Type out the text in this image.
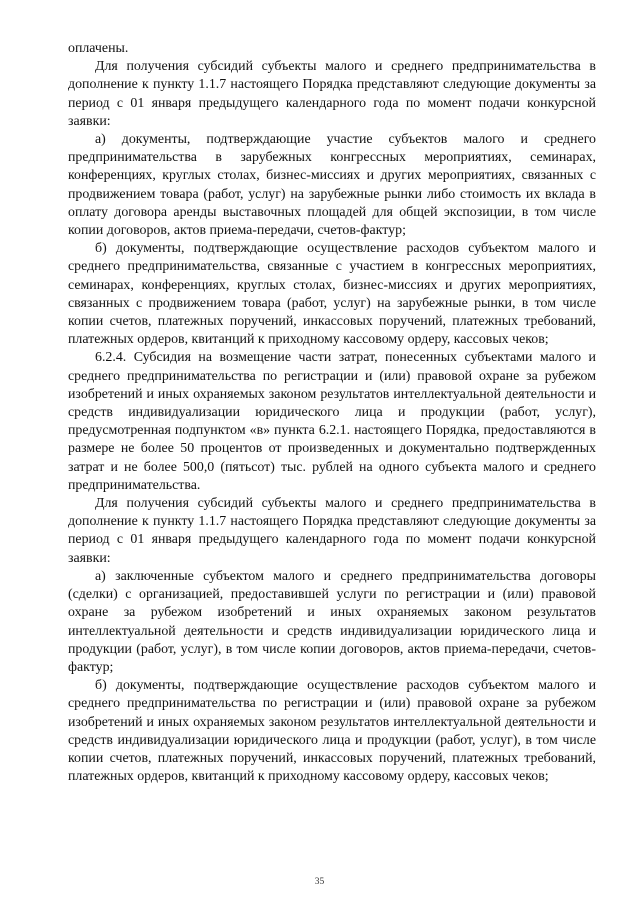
оплачены.

Для получения субсидий субъекты малого и среднего предпринимательства в дополнение к пункту 1.1.7 настоящего Порядка представляют следующие документы за период с 01 января предыдущего календарного года по момент подачи конкурсной заявки:

а) документы, подтверждающие участие субъектов малого и среднего предпринимательства в зарубежных конгрессных мероприятиях, семинарах, конференциях, круглых столах, бизнес-миссиях и других мероприятиях, связанных с продвижением товара (работ, услуг) на зарубежные рынки либо стоимость их вклада в оплату договора аренды выставочных площадей для общей экспозиции, в том числе копии договоров, актов приема-передачи, счетов-фактур;

б) документы, подтверждающие осуществление расходов субъектом малого и среднего предпринимательства, связанные с участием в конгрессных мероприятиях, семинарах, конференциях, круглых столах, бизнес-миссиях и других мероприятиях, связанных с продвижением товара (работ, услуг) на зарубежные рынки, в том числе копии счетов, платежных поручений, инкассовых поручений, платежных требований, платежных ордеров, квитанций к приходному кассовому ордеру, кассовых чеков;

6.2.4. Субсидия на возмещение части затрат, понесенных субъектами малого и среднего предпринимательства по регистрации и (или) правовой охране за рубежом изобретений и иных охраняемых законом результатов интеллектуальной деятельности и средств индивидуализации юридического лица и продукции (работ, услуг), предусмотренная подпунктом «в» пункта 6.2.1. настоящего Порядка, предоставляются в размере не более 50 процентов от произведенных и документально подтвержденных затрат и не более 500,0 (пятьсот) тыс. рублей на одного субъекта малого и среднего предпринимательства.

Для получения субсидий субъекты малого и среднего предпринимательства в дополнение к пункту 1.1.7 настоящего Порядка представляют следующие документы за период с 01 января предыдущего календарного года по момент подачи конкурсной заявки:

а) заключенные субъектом малого и среднего предпринимательства договоры (сделки) с организацией, предоставившей услуги по регистрации и (или) правовой охране за рубежом изобретений и иных охраняемых законом результатов интеллектуальной деятельности и средств индивидуализации юридического лица и продукции (работ, услуг), в том числе копии договоров, актов приема-передачи, счетов-фактур;

б) документы, подтверждающие осуществление расходов субъектом малого и среднего предпринимательства по регистрации и (или) правовой охране за рубежом изобретений и иных охраняемых законом результатов интеллектуальной деятельности и средств индивидуализации юридического лица и продукции (работ, услуг), в том числе копии счетов, платежных поручений, инкассовых поручений, платежных требований, платежных ордеров, квитанций к приходному кассовому ордеру, кассовых чеков;

35
